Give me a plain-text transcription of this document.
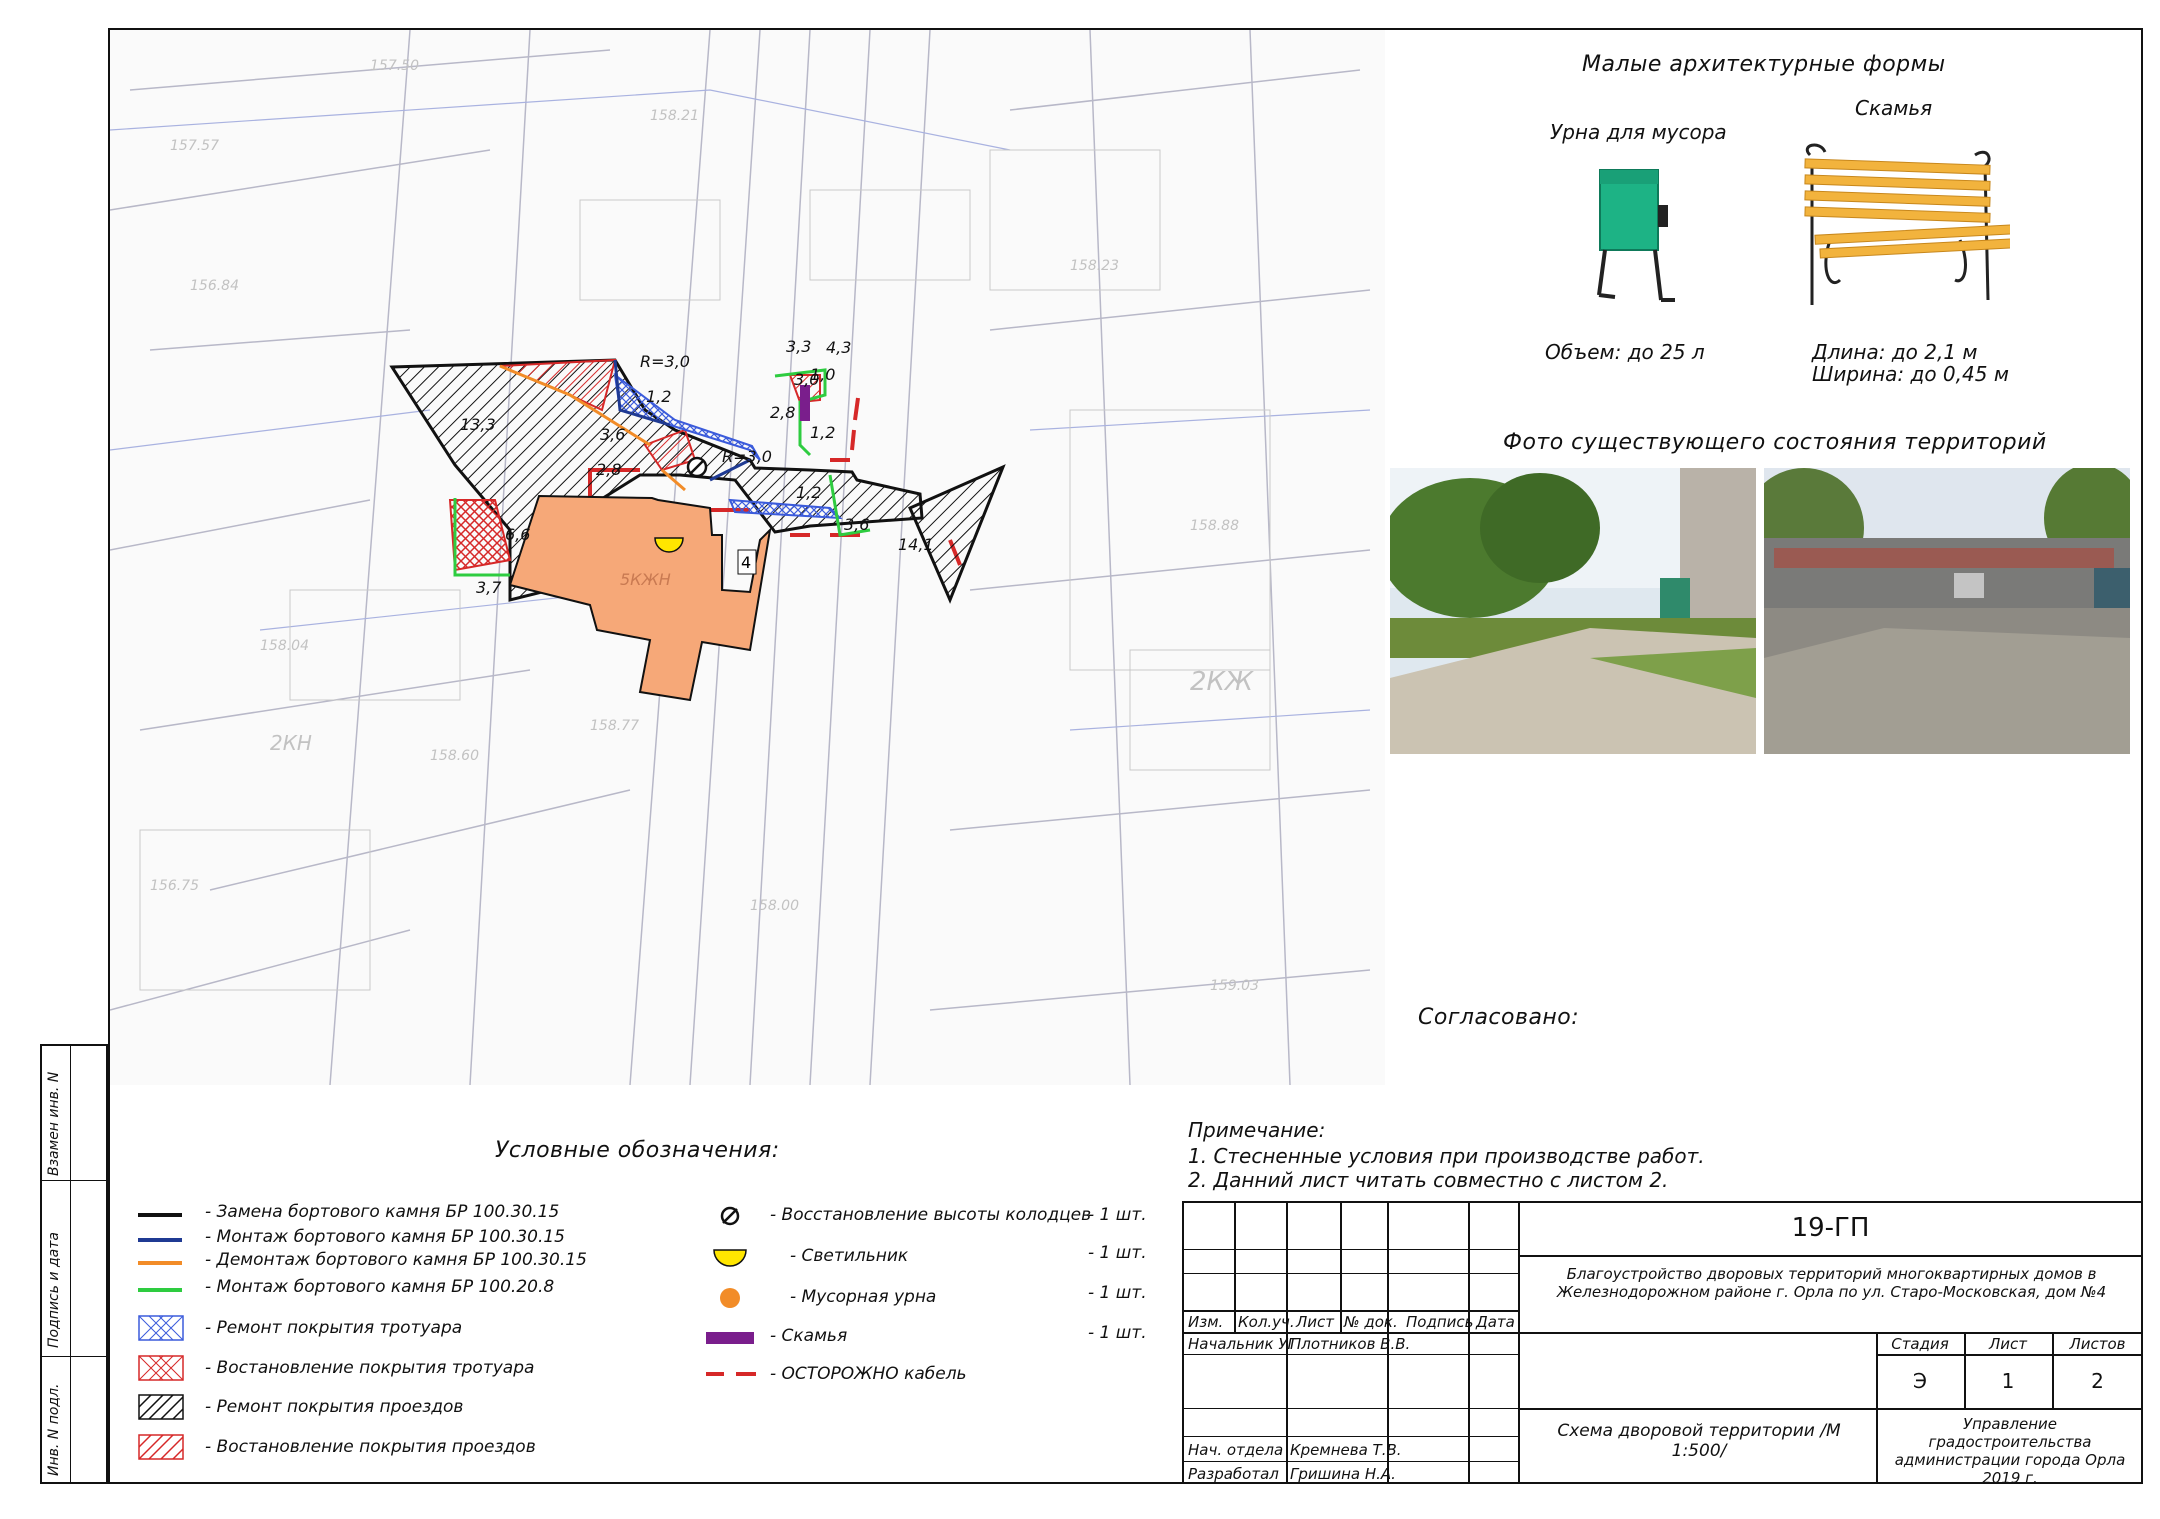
Взамен инв. N
Подпись и дата
Инв. N подл.
157.57
157.50
158.21
156.84
158.23
158.88
158.04
156.75
159.03
158.60
158.77
158.00
2КЖ
2КН
5КЖН
4
R=3,0
R=3,0
1,2
1,2
1,2
2,8
3,0
3,3 4,3
1,0
3,6
2,8
6,6
3,7
3,6
14,1
13,3
Малые архитектурные формы
Урна для мусора
Скамья
Объем: до 25 л	Длина: до 2,1 м
Ширина: до 0,45 м
Фото существующего состояния территорий
Согласовано:
Условные обозначения:
- Замена бортового камня БР 100.30.15
- Монтаж бортового камня БР 100.30.15
- Демонтаж бортового камня БР 100.30.15
- Монтаж бортового камня БР 100.20.8
- Ремонт покрытия тротуара
- Востановление покрытия тротуара
- Ремонт покрытия проездов
- Востановление покрытия проездов
- Восстановление высоты колодцев
- 1 шт.
- Светильник	- 1 шт.
- Мусорная урна	- 1 шт.
- Скамья	- 1 шт.
- ОСТОРОЖНО кабель
Примечание:
1. Стесненные условия при производстве работ.
2. Данний лист читать совместно с листом 2.
Изм. Кол.уч. Лист № док. Подпись Дата
Начальник УГ
Плотников В.В.
Нач. отдела Кремнева Т.В.
Разработал Гришина Н.А.
19-ГП
Благоустройство дворовых территорий многоквартирных домов в Железнодорожном районе г. Орла по ул. Старо-Московская, дом №4
Стадия	Лист	Листов
Э	1	2
Схема дворовой территории /М 1:500/
Управление градостроительства администрации города Орла 2019 г.
